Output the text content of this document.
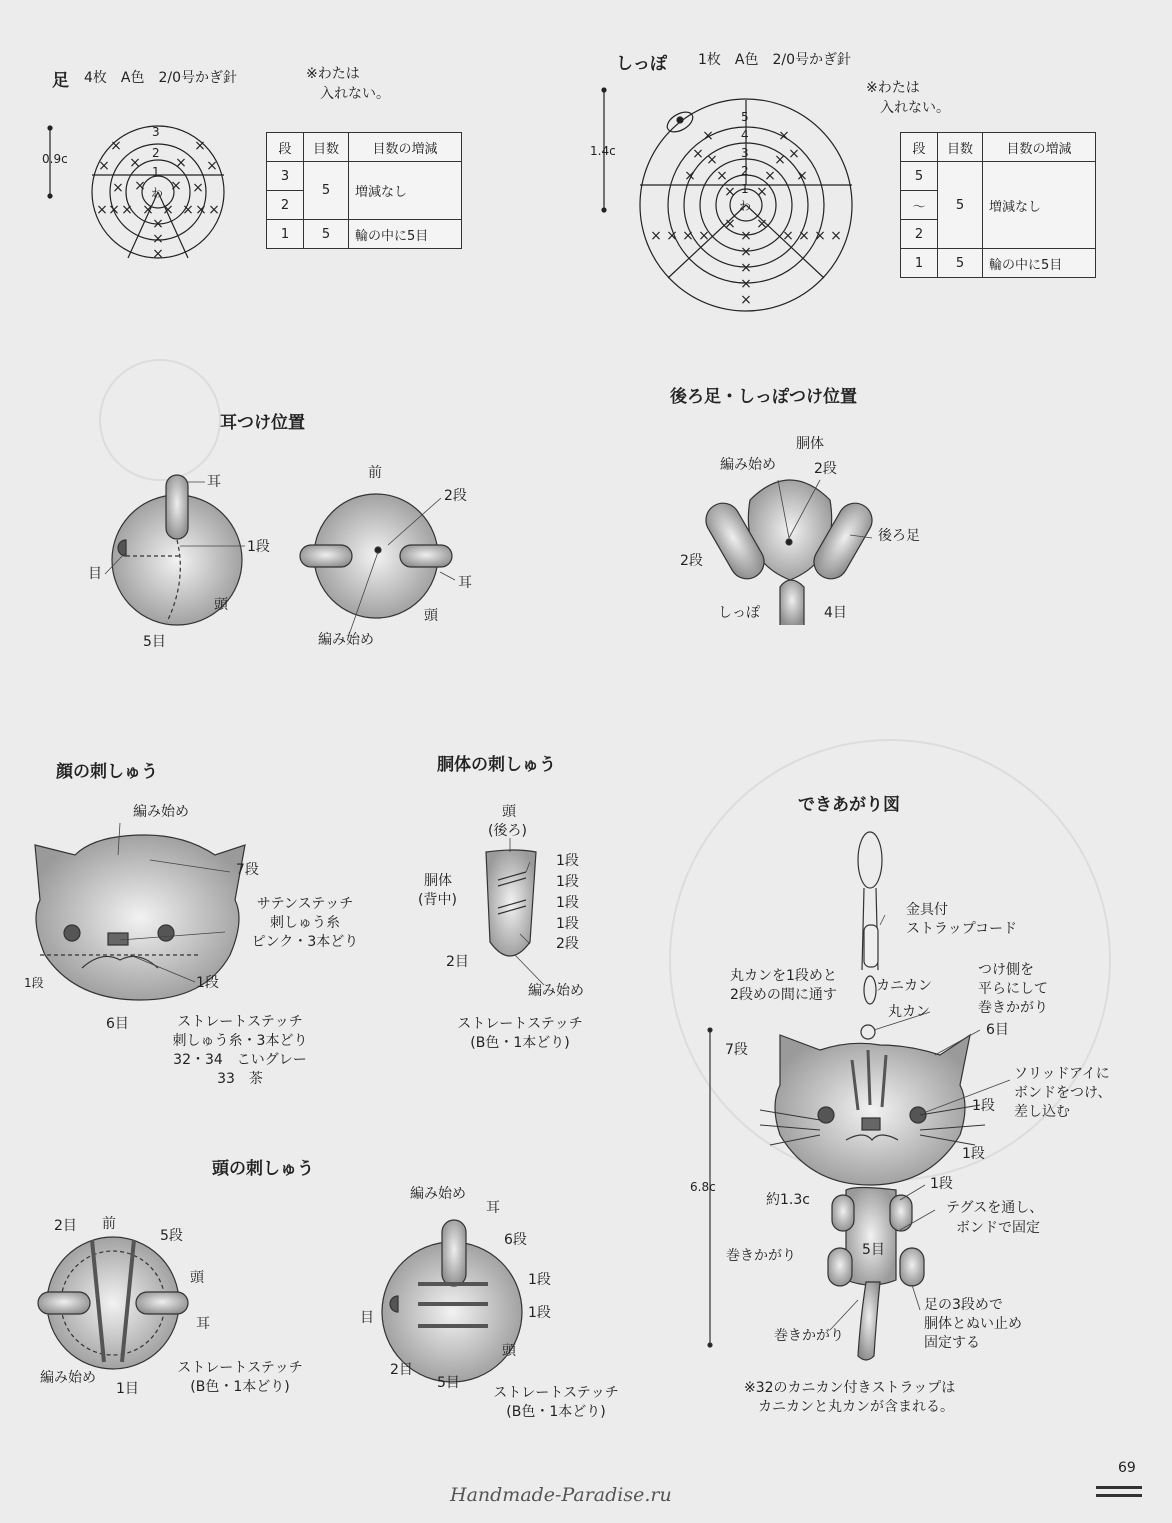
×	×
× ×
×	×
× ×
×	×
× × ×	× × ×
× ×
×
×
×
×	×
×	×
×	×
×	×
×	×
× ×
× × × ×	× × × ×
× ×
×
×
×
×
×
足 4枚　A色　2/0号かぎ針	※わたは
入れない。
0.9c
3
2
1
わ
段	目数	目数の増減
3	5	増減なし
2		
1	5	輪の中に5目
しっぽ 1枚　A色　2/0号かぎ針
※わたは
入れない。
1.4c
5
4
3
2
1
わ
段	目数	目数の増減
5	5	増減なし
〜		
2		
1	5	輪の中に5目
耳つけ位置
耳
1段
目
頭
5目
前
2段
耳
頭
編み始め
後ろ足・しっぽつけ位置
胴体
編み始め	2段
後ろ足
2段
しっぽ	4目
顔の刺しゅう
編み始め
7段
サテンステッチ
刺しゅう糸
ピンク・3本どり
1段	1段
6目	ストレートステッチ
刺しゅう糸・3本どり
32・34　こいグレー
33　茶
胴体の刺しゅう
頭
(後ろ)
胴体
(背中)
1段
1段
1段
1段
2段
2目
編み始め
ストレートステッチ
(B色・1本どり)
頭の刺しゅう
2目 前
5段
頭
耳
編み始め
1目
ストレートステッチ
(B色・1本どり)
編み始め
耳
6段
1段
1段
目
頭
2目
5目
ストレートステッチ
(B色・1本どり)
できあがり図
金具付
ストラップコード
丸カンを1段めと
2段めの間に通す
カニカン
丸カン
つけ側を
平らにして
巻きかがり
6目
7段
ソリッドアイに
ボンドをつけ、
差し込む
1段
1段
1段
6.8c
約1.3c	テグスを通し、
ボンドで固定
5目
巻きかがり
足の3段めで
胴体とぬい止め
固定する
巻きかがり
※32のカニカン付きストラップは
カニカンと丸カンが含まれる。
69
Handmade-Paradise.ru
